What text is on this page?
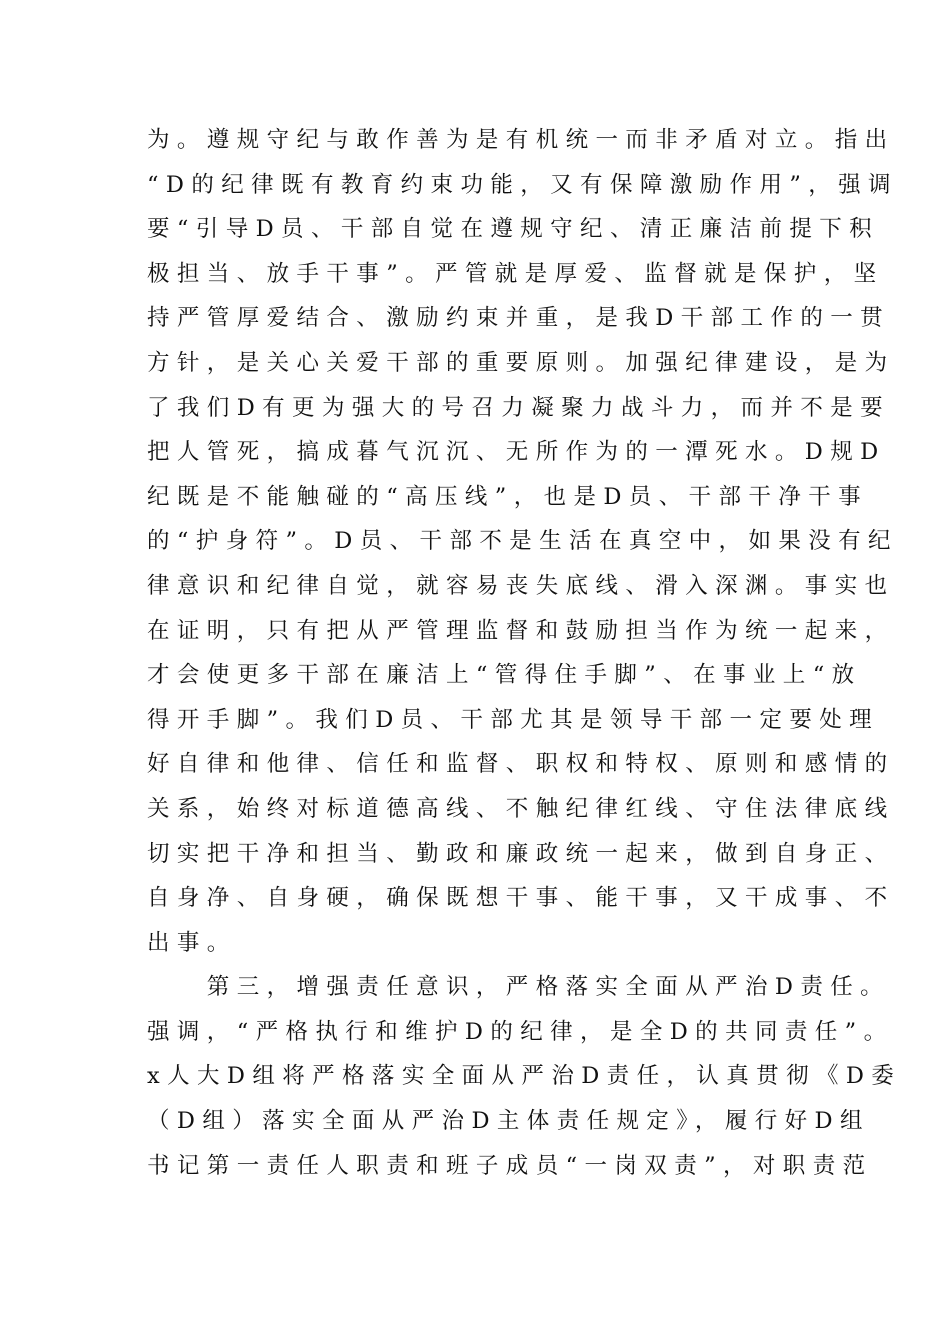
为。遵规守纪与敢作善为是有机统一而非矛盾对立。指出
“D的纪律既有教育约束功能，又有保障激励作用”，强调
要“引导D员、干部自觉在遵规守纪、清正廉洁前提下积
极担当、放手干事”。严管就是厚爱、监督就是保护，坚
持严管厚爱结合、激励约束并重，是我D干部工作的一贯
方针，是关心关爱干部的重要原则。加强纪律建设，是为
了我们D有更为强大的号召力凝聚力战斗力，而并不是要
把人管死，搞成暮气沉沉、无所作为的一潭死水。D规D
纪既是不能触碰的“高压线”，也是D员、干部干净干事
的“护身符”。D员、干部不是生活在真空中，如果没有纪
律意识和纪律自觉，就容易丧失底线、滑入深渊。事实也
在证明，只有把从严管理监督和鼓励担当作为统一起来，
才会使更多干部在廉洁上“管得住手脚”、在事业上“放
得开手脚”。我们D员、干部尤其是领导干部一定要处理
好自律和他律、信任和监督、职权和特权、原则和感情的
关系，始终对标道德高线、不触纪律红线、守住法律底线
切实把干净和担当、勤政和廉政统一起来，做到自身正、
自身净、自身硬，确保既想干事、能干事，又干成事、不
出事。
　　第三，增强责任意识，严格落实全面从严治D责任。
强调，“严格执行和维护D的纪律，是全D的共同责任”。
x人大D组将严格落实全面从严治D责任，认真贯彻《D委
（D组）落实全面从严治D主体责任规定》，履行好D组
书记第一责任人职责和班子成员“一岗双责”，对职责范
